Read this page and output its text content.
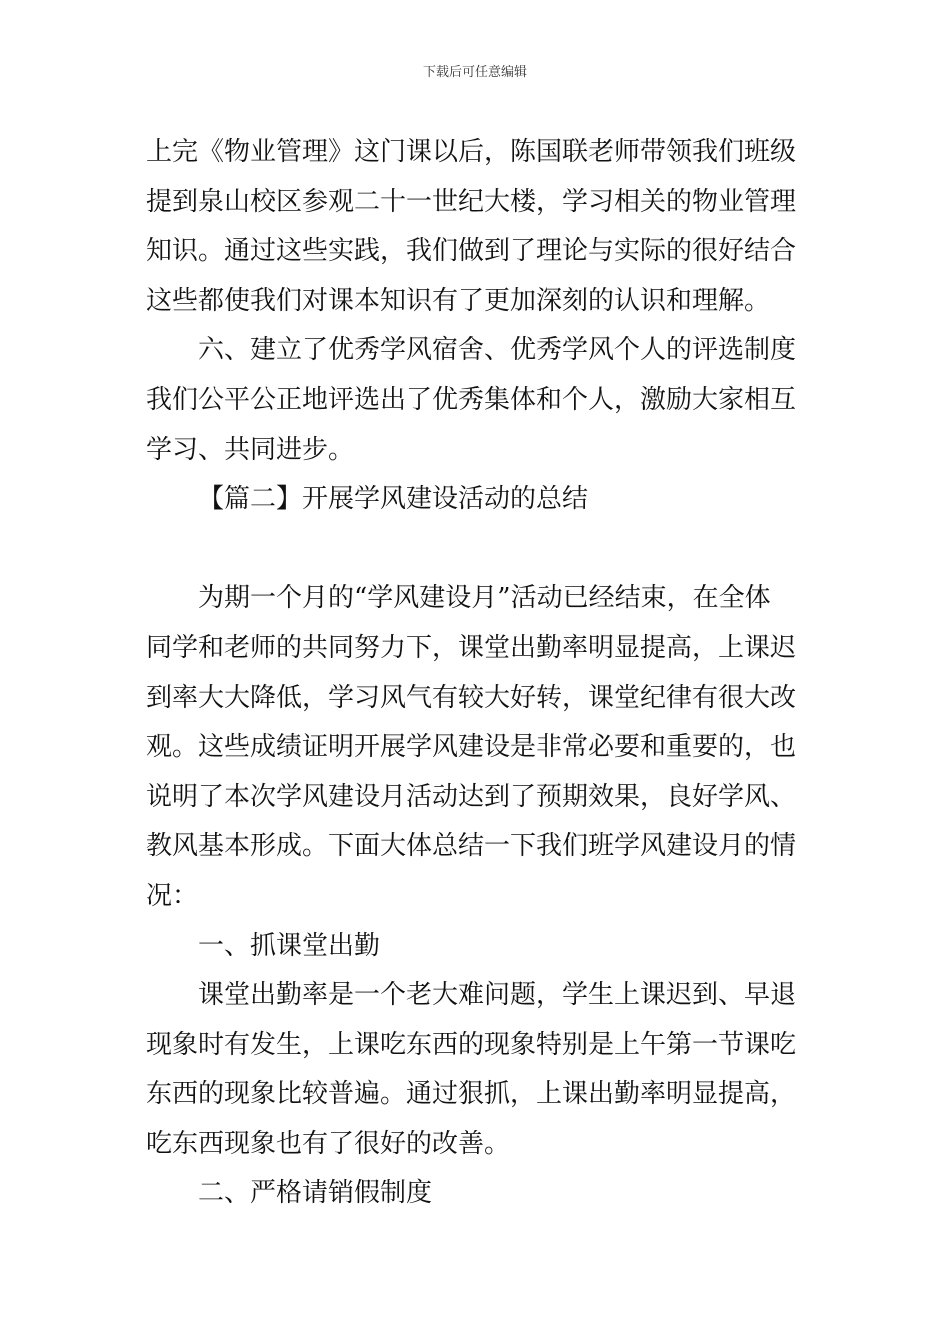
下载后可任意编辑
上完《物业管理》这门课以后，陈国联老师带领我们班级
提到泉山校区参观二十一世纪大楼，学习相关的物业管理
知识。通过这些实践，我们做到了理论与实际的很好结合
这些都使我们对课本知识有了更加深刻的认识和理解。
六、建立了优秀学风宿舍、优秀学风个人的评选制度
我们公平公正地评选出了优秀集体和个人，激励大家相互
学习、共同进步。
【篇二】开展学风建设活动的总结
为期一个月的“学风建设月”活动已经结束，在全体
同学和老师的共同努力下，课堂出勤率明显提高，上课迟
到率大大降低，学习风气有较大好转，课堂纪律有很大改
观。这些成绩证明开展学风建设是非常必要和重要的，也
说明了本次学风建设月活动达到了预期效果，良好学风、
教风基本形成。下面大体总结一下我们班学风建设月的情
况：
一、抓课堂出勤
课堂出勤率是一个老大难问题，学生上课迟到、早退
现象时有发生，上课吃东西的现象特别是上午第一节课吃
东西的现象比较普遍。通过狠抓，上课出勤率明显提高，
吃东西现象也有了很好的改善。
二、严格请销假制度
